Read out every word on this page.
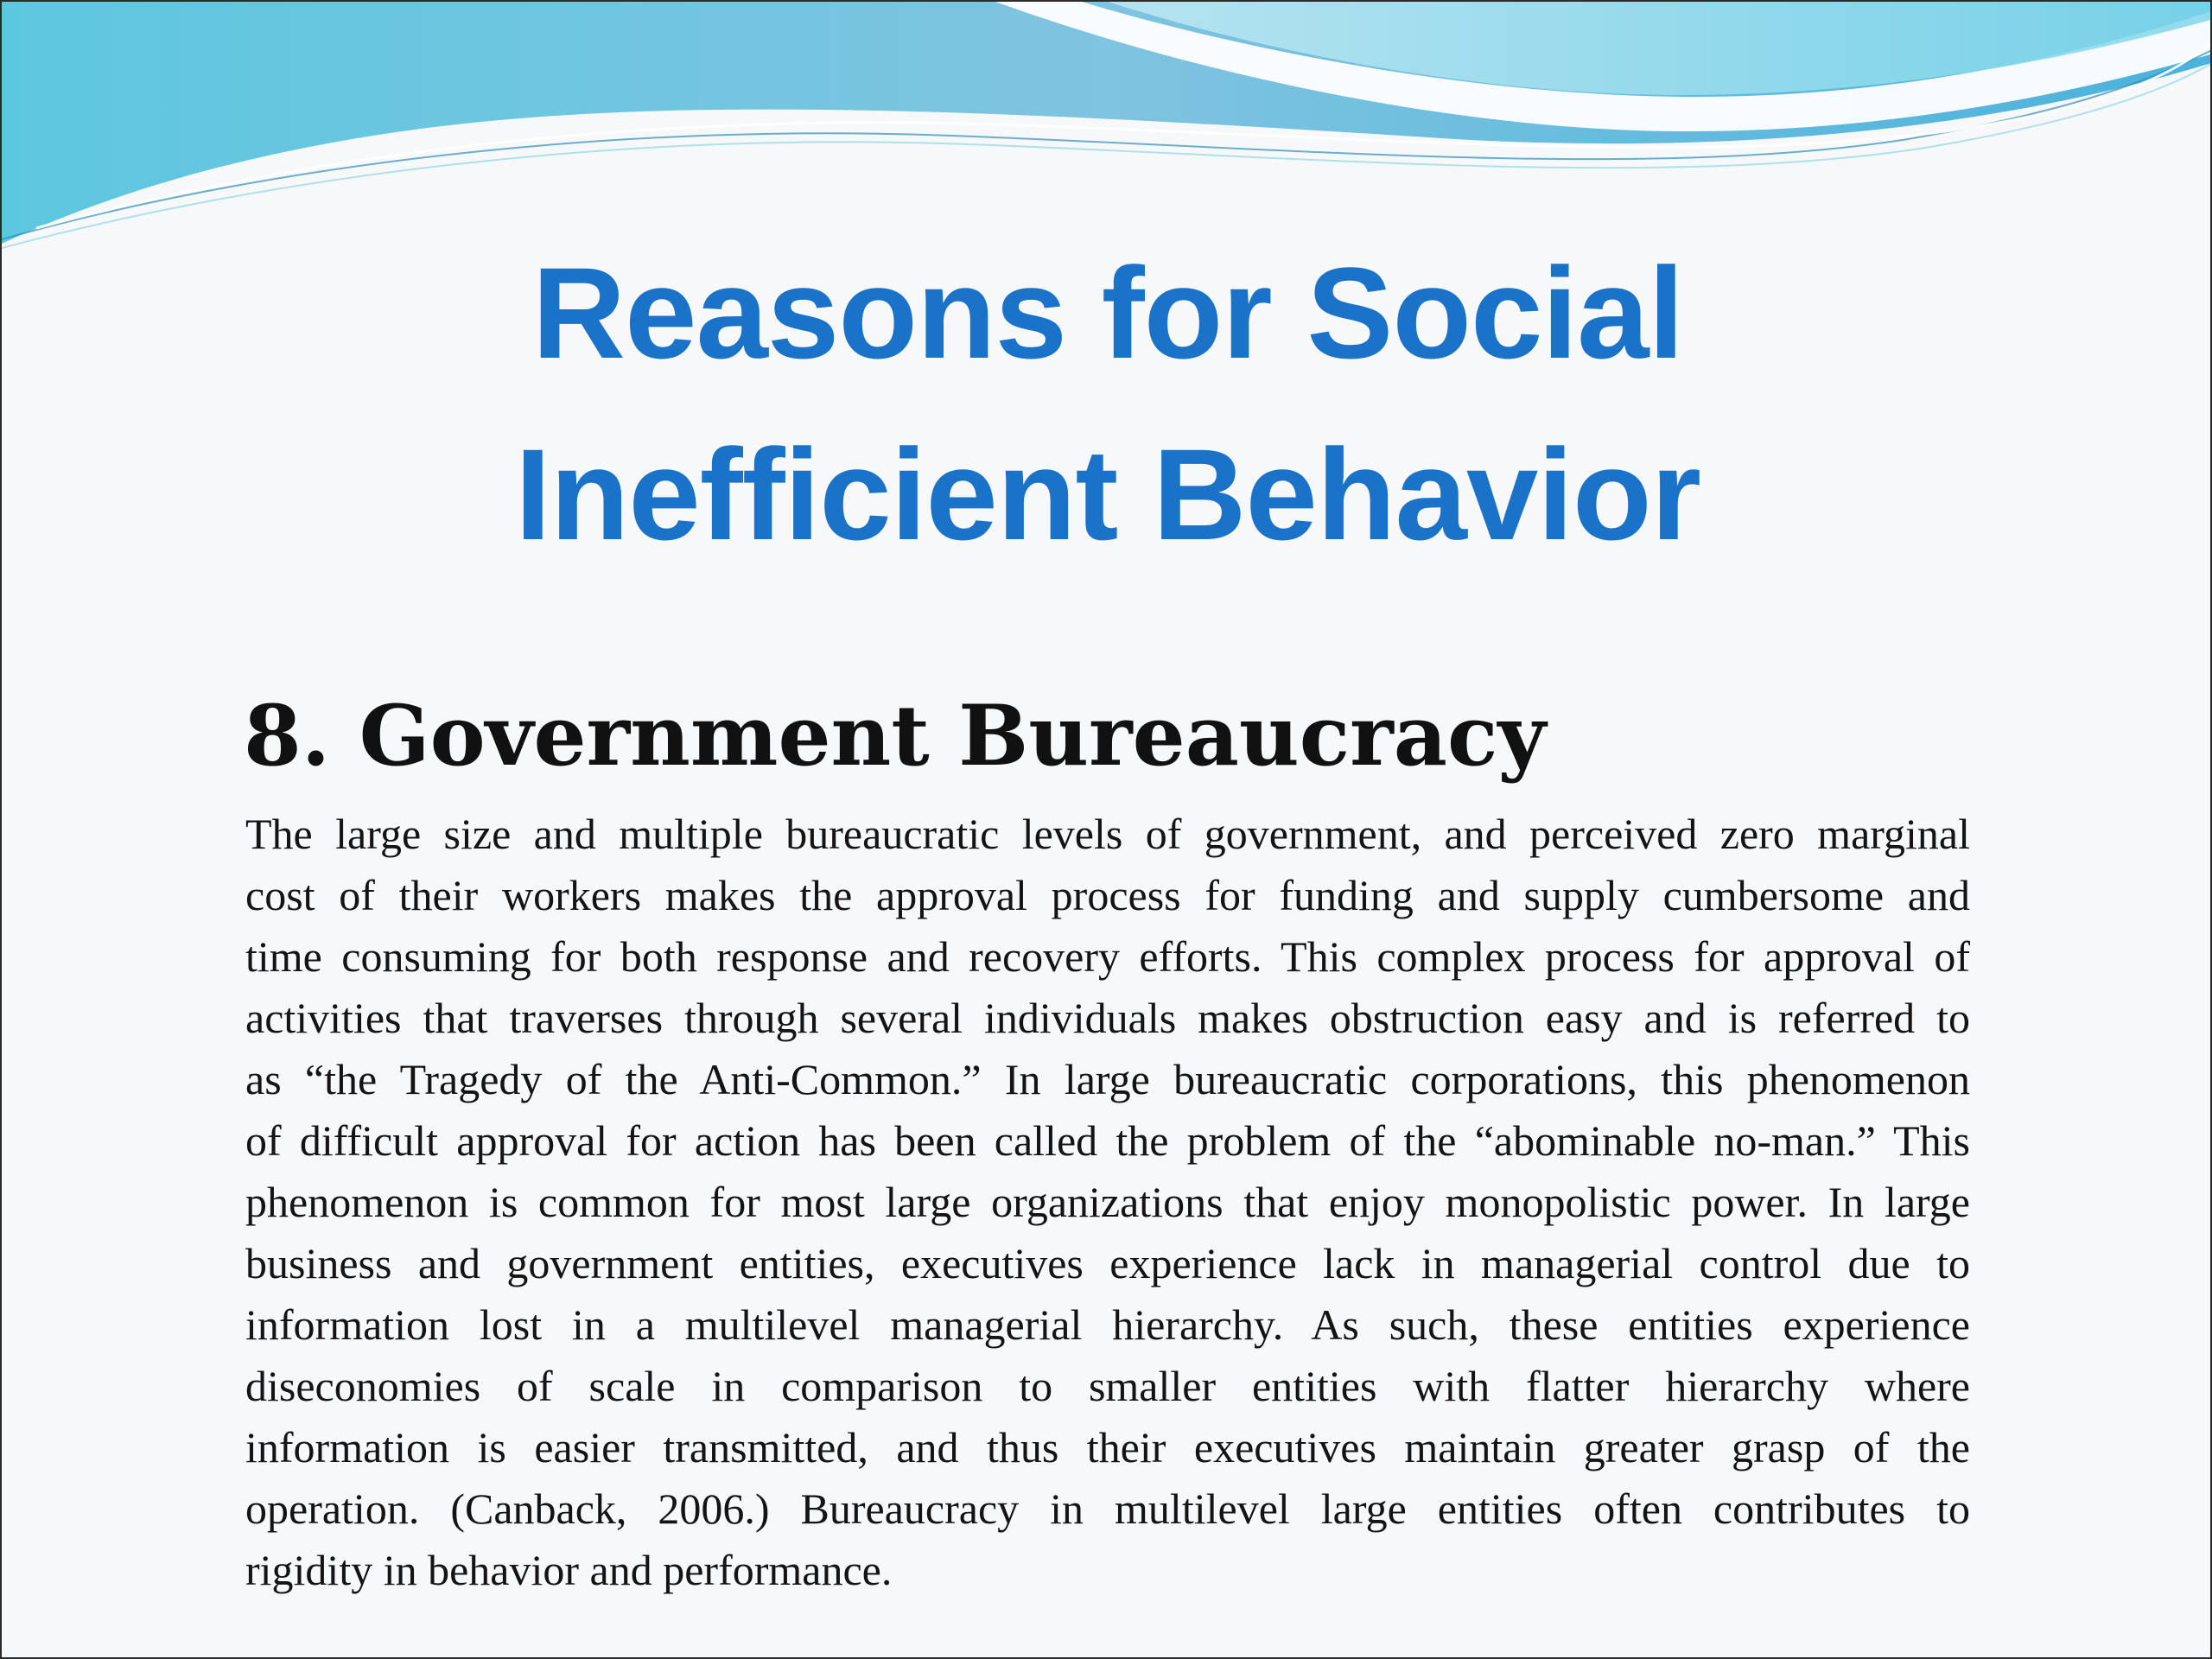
Reasons for Social
Inefficient Behavior
8. Government Bureaucracy
The large size and multiple bureaucratic levels of government, and perceived zero marginal
cost of their workers makes the approval process for funding and supply cumbersome and
time consuming for both response and recovery efforts. This complex process for approval of
activities that traverses through several individuals makes obstruction easy and is referred to
as “the Tragedy of the Anti-Common.” In large bureaucratic corporations, this phenomenon
of difficult approval for action has been called the problem of the “abominable no-man.” This
phenomenon is common for most large organizations that enjoy monopolistic power. In large
business and government entities, executives experience lack in managerial control due to
information lost in a multilevel managerial hierarchy. As such, these entities experience
diseconomies of scale in comparison to smaller entities with flatter hierarchy where
information is easier transmitted, and thus their executives maintain greater grasp of the
operation. (Canback, 2006.) Bureaucracy in multilevel large entities often contributes to
rigidity in behavior and performance.
